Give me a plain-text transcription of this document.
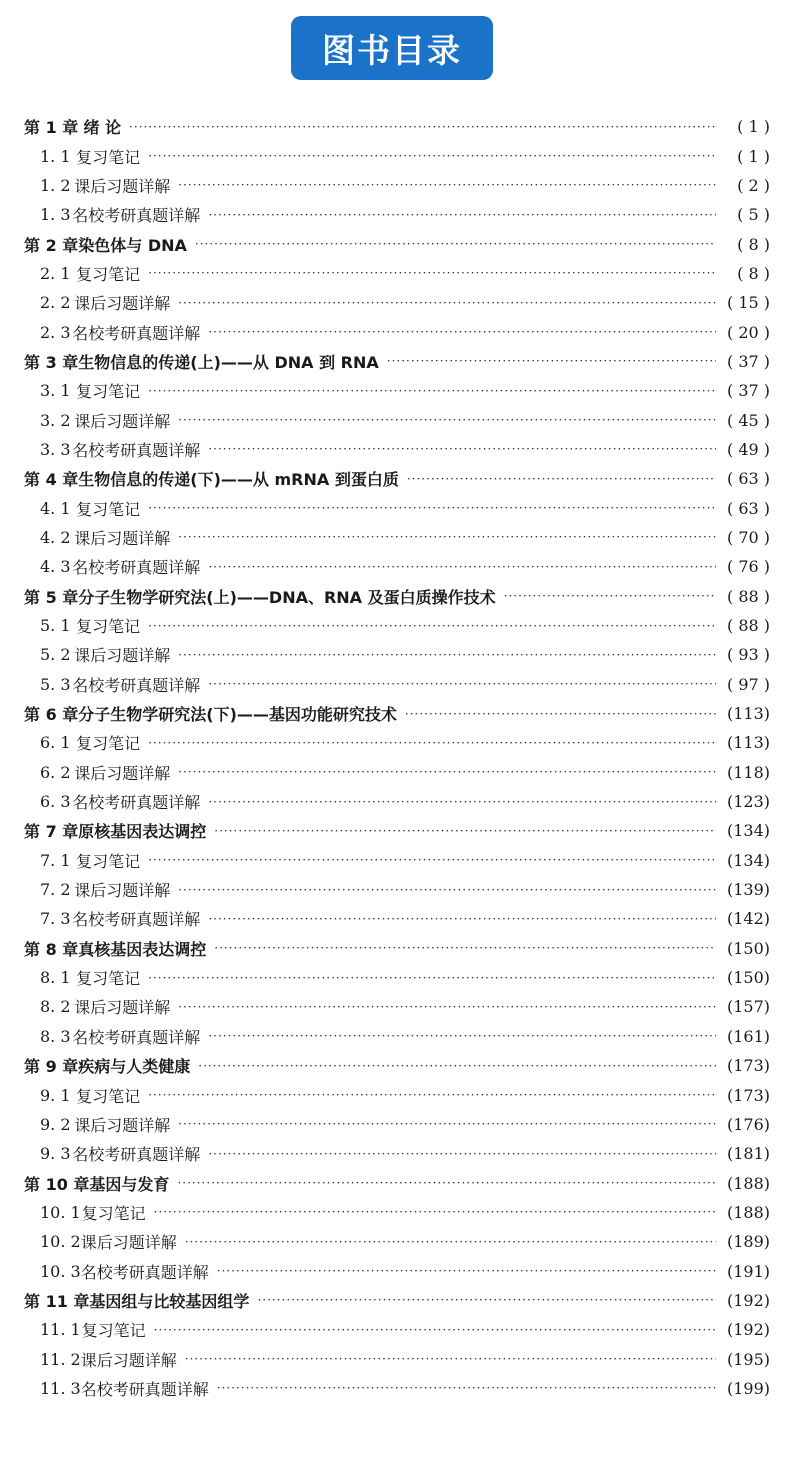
图书目录
第 1 章 绪 论 ·····	( 1 )
1. 1 复习笔记 ·····	( 1 )
1. 2 课后习题详解 ·····	( 2 )
1. 3 名校考研真题详解 ·····	( 5 )
第 2 章 染色体与 DNA ·····	( 8 )
2. 1 复习笔记 ·····	( 8 )
2. 2 课后习题详解 ·····	( 15 )
2. 3 名校考研真题详解 ·····	( 20 )
第 3 章 生物信息的传递(上)——从 DNA 到 RNA ·····	( 37 )
3. 1 复习笔记 ·····	( 37 )
3. 2 课后习题详解 ·····	( 45 )
3. 3 名校考研真题详解 ·····	( 49 )
第 4 章 生物信息的传递(下)——从 mRNA 到蛋白质 ·····	( 63 )
4. 1 复习笔记 ·····	( 63 )
4. 2 课后习题详解 ·····	( 70 )
4. 3 名校考研真题详解 ·····	( 76 )
第 5 章 分子生物学研究法(上)——DNA、RNA 及蛋白质操作技术 ·····	( 88 )
5. 1 复习笔记 ·····	( 88 )
5. 2 课后习题详解 ·····	( 93 )
5. 3 名校考研真题详解 ·····	( 97 )
第 6 章 分子生物学研究法(下)——基因功能研究技术 ·····	(113)
6. 1 复习笔记 ·····	(113)
6. 2 课后习题详解 ·····	(118)
6. 3 名校考研真题详解 ·····	(123)
第 7 章 原核基因表达调控 ·····	(134)
7. 1 复习笔记 ·····	(134)
7. 2 课后习题详解 ·····	(139)
7. 3 名校考研真题详解 ·····	(142)
第 8 章 真核基因表达调控 ·····	(150)
8. 1 复习笔记 ·····	(150)
8. 2 课后习题详解 ·····	(157)
8. 3 名校考研真题详解 ·····	(161)
第 9 章 疾病与人类健康 ·····	(173)
9. 1 复习笔记 ·····	(173)
9. 2 课后习题详解 ·····	(176)
9. 3 名校考研真题详解 ·····	(181)
第 10 章 基因与发育 ·····	(188)
10. 1 复习笔记 ·····	(188)
10. 2 课后习题详解 ·····	(189)
10. 3 名校考研真题详解 ·····	(191)
第 11 章 基因组与比较基因组学 ·····	(192)
11. 1 复习笔记 ·····	(192)
11. 2 课后习题详解 ·····	(195)
11. 3 名校考研真题详解 ·····	(199)
